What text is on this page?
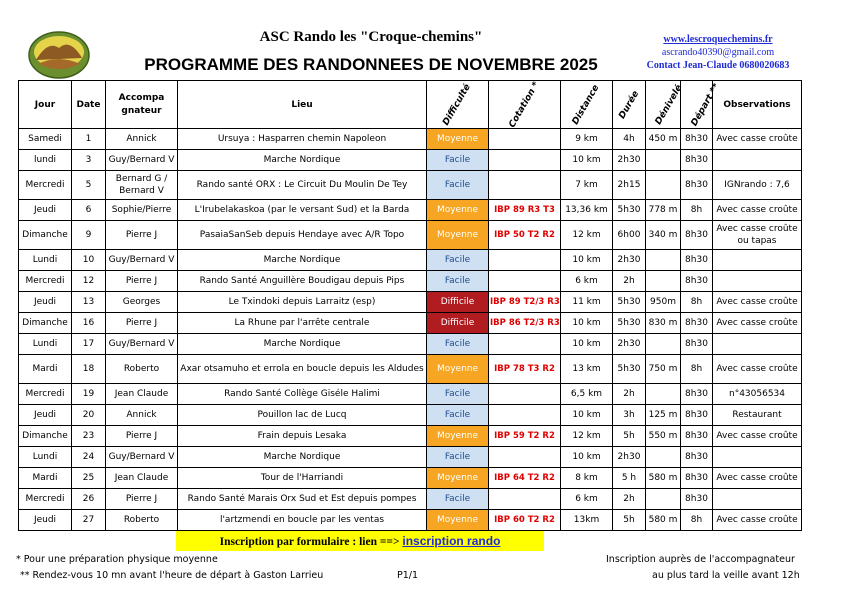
ASC Rando les "Croque-chemins"
PROGRAMME DES RANDONNEES DE NOVEMBRE 2025
www.lescroquechemins.fr
ascrando40390@gmail.com
Contact Jean-Claude 0680020683
Jour	Date	Accompa gnateur	Lieu	Difficulté	Cotation *	Distance	Durée	Dénivelé	Départ **	Observations
Samedi	1	Annick	Ursuya : Hasparren chemin Napoleon	Moyenne		9 km	4h	450 m	8h30	Avec casse croûte
lundi	3	Guy/Bernard V	Marche Nordique	Facile		10 km	2h30		8h30	
Mercredi	5	Bernard G / Bernard V	Rando santé ORX : Le Circuit Du Moulin De Tey	Facile		7 km	2h15		8h30	IGNrando : 7,6
Jeudi	6	Sophie/Pierre	L'Irubelakaskoa (par le versant Sud) et la Barda	Moyenne	IBP 89 R3 T3	13,36 km	5h30	778 m	8h	Avec casse croûte
Dimanche	9	Pierre J	PasaiaSanSeb depuis Hendaye avec A/R Topo	Moyenne	IBP 50 T2 R2	12 km	6h00	340 m	8h30	Avec casse croûte ou tapas
Lundi	10	Guy/Bernard V	Marche Nordique	Facile		10 km	2h30		8h30	
Mercredi	12	Pierre J	Rando Santé Anguillère Boudigau depuis Pips	Facile		6 km	2h		8h30	
Jeudi	13	Georges	Le Txindoki depuis Larraitz (esp)	Difficile	IBP 89 T2/3 R3	11 km	5h30	950m	8h	Avec casse croûte
Dimanche	16	Pierre J	La Rhune par l'arrête centrale	Difficile	IBP 86 T2/3 R3	10 km	5h30	830 m	8h30	Avec casse croûte
Lundi	17	Guy/Bernard V	Marche Nordique	Facile		10 km	2h30		8h30	
Mardi	18	Roberto	Axar otsamuho et errola en boucle depuis les Aldudes	Moyenne	IBP 78 T3 R2	13 km	5h30	750 m	8h	Avec casse croûte
Mercredi	19	Jean Claude	Rando Santé Collège Giséle Halimi	Facile		6,5 km	2h		8h30	n°43056534
Jeudi	20	Annick	Pouillon lac de Lucq	Facile		10 km	3h	125 m	8h30	Restaurant
Dimanche	23	Pierre J	Frain depuis Lesaka	Moyenne	IBP 59 T2 R2	12 km	5h	550 m	8h30	Avec casse croûte
Lundi	24	Guy/Bernard V	Marche Nordique	Facile		10 km	2h30		8h30	
Mardi	25	Jean Claude	Tour de l'Harriandi	Moyenne	IBP 64 T2 R2	8 km	5 h	580 m	8h30	Avec casse croûte
Mercredi	26	Pierre J	Rando Santé Marais Orx Sud et Est depuis pompes	Facile		6 km	2h		8h30	
Jeudi	27	Roberto	l'artzmendi en boucle par les ventas	Moyenne	IBP 60 T2 R2	13km	5h	580 m	8h	Avec casse croûte
Inscription par formulaire : lien ==> inscription rando
* Pour une préparation physique moyenne
** Rendez-vous 10 mn avant l'heure de départ à Gaston Larrieu	P1/1
Inscription auprès de l'accompagnateur
au plus tard la veille avant 12h
